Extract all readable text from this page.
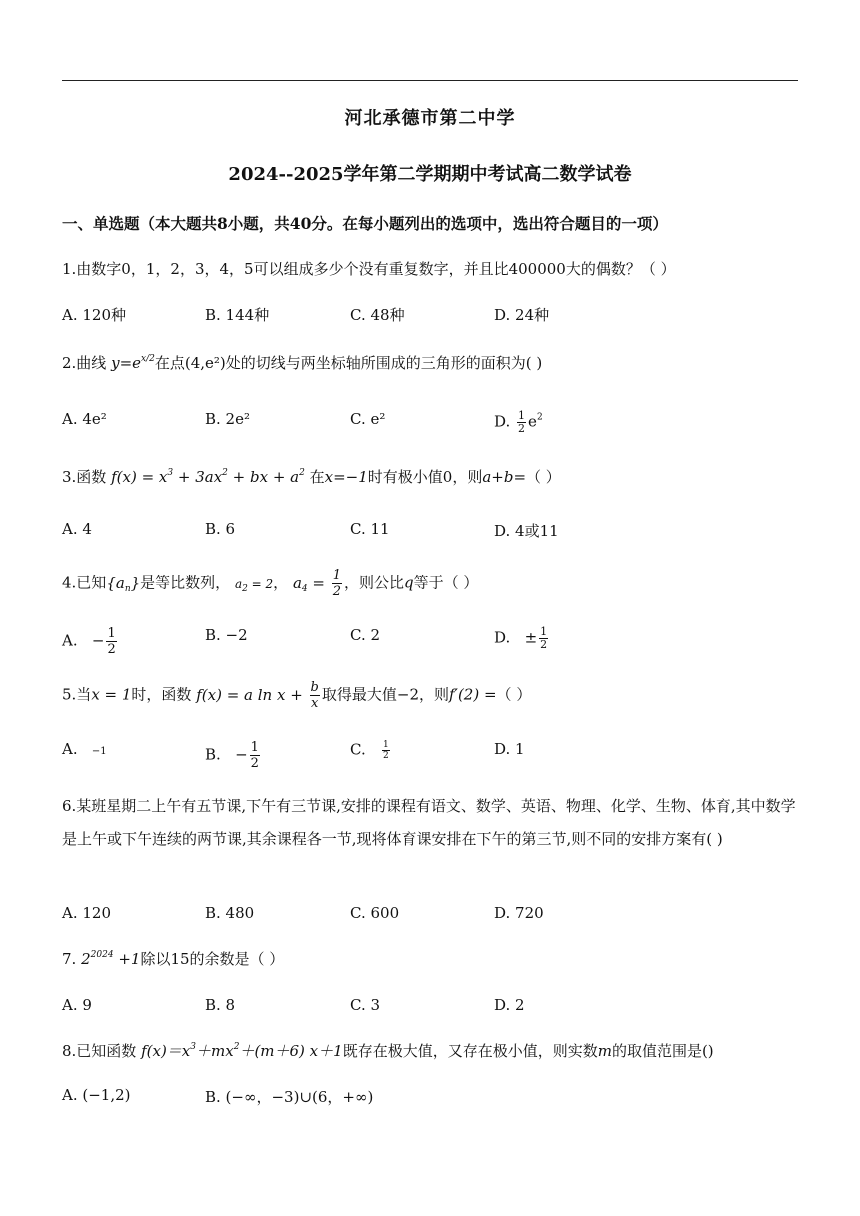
河北承德市第二中学
2024--2025学年第二学期期中考试高二数学试卷
一、单选题（本大题共8小题，共40分。在每小题列出的选项中，选出符合题目的一项）
1.由数字0，1，2，3，4，5可以组成多少个没有重复数字，并且比400000大的偶数？（ ）
A. 120种	B. 144种	C. 48种	D. 24种
2.曲线 $y=e^{x/2}$在点(4,e²)处的切线与两坐标轴所围成的三角形的面积为( )
A. 4e²	B. 2e²	C. e²	D. $\frac{1}{2} e^2$
3.函数 $f(x) = x^3 + 3ax^2$ + bx + $a^2$ 在x=−1时有极小值0，则a+b=（ ）
A. 4	B. 6	C. 11	D. 4或11
4.已知$\{a_n\}$是等比数列， $a_2 = 2$， $a_4 = \frac{1}{2}$ ，则公比q等于（ ）
A.   − $\frac{1}{2}$	B. −2	C. 2	D.   ± $\frac{1}{2}$
5.当x = 1时，函数 f(x) = a $\ln x + \frac{b}{x}$ 取得最大值−2，则f′(2) =（ ）
A. −1	B.   − $\frac{1}{2}$	C. $\frac{1}{2}$	D. 1
6.某班星期二上午有五节课,下午有三节课,安排的课程有语文、数学、英语、物理、化学、生物、体育,其中数学是上午或下午连续的两节课,其余课程各一节,现将体育课安排在下午的第三节,则不同的安排方案有( )
A. 120	B. 480	C. 600	D. 720
7. $2^{2024} +1$除以15的余数是（ ）
A. 9	B. 8	C. 3	D. 2
8.已知函数 $f(x)=x^3+mx^2+(m+6)$ x＋1既存在极大值，又存在极小值，则实数m的取值范围是()
A. (−1,2)	B. (−∞，−3)∪(6，+∞)
